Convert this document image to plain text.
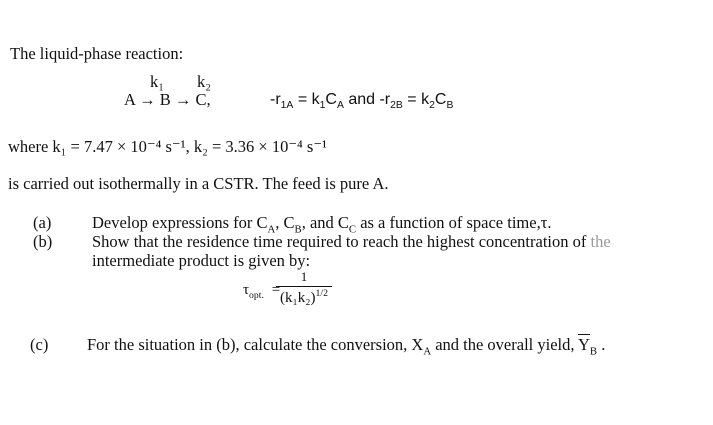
The liquid-phase reaction:
k₁ k₂
A → B → C,	$-r_{1A} = k_1C_A$ and $-r_{2B} = k_2C_B$
where k₁ = 7.47 × 10⁻⁴ s⁻¹, k₂ = 3.36 × 10⁻⁴ s⁻¹
is carried out isothermally in a CSTR. The feed is pure A.
(a) Develop expressions for $C_A$, $C_B$, and $C_C$ as a function of space time,τ.
(b) Show that the residence time required to reach the highest concentration of the
intermediate product is given by:
$\tau_{opt.}$ =
1
$(k_1k_2)^{1/2}$
(c) For the situation in (b), calculate the conversion, $X_A$ and the overall yield, $\overline{Y}_B$ .
